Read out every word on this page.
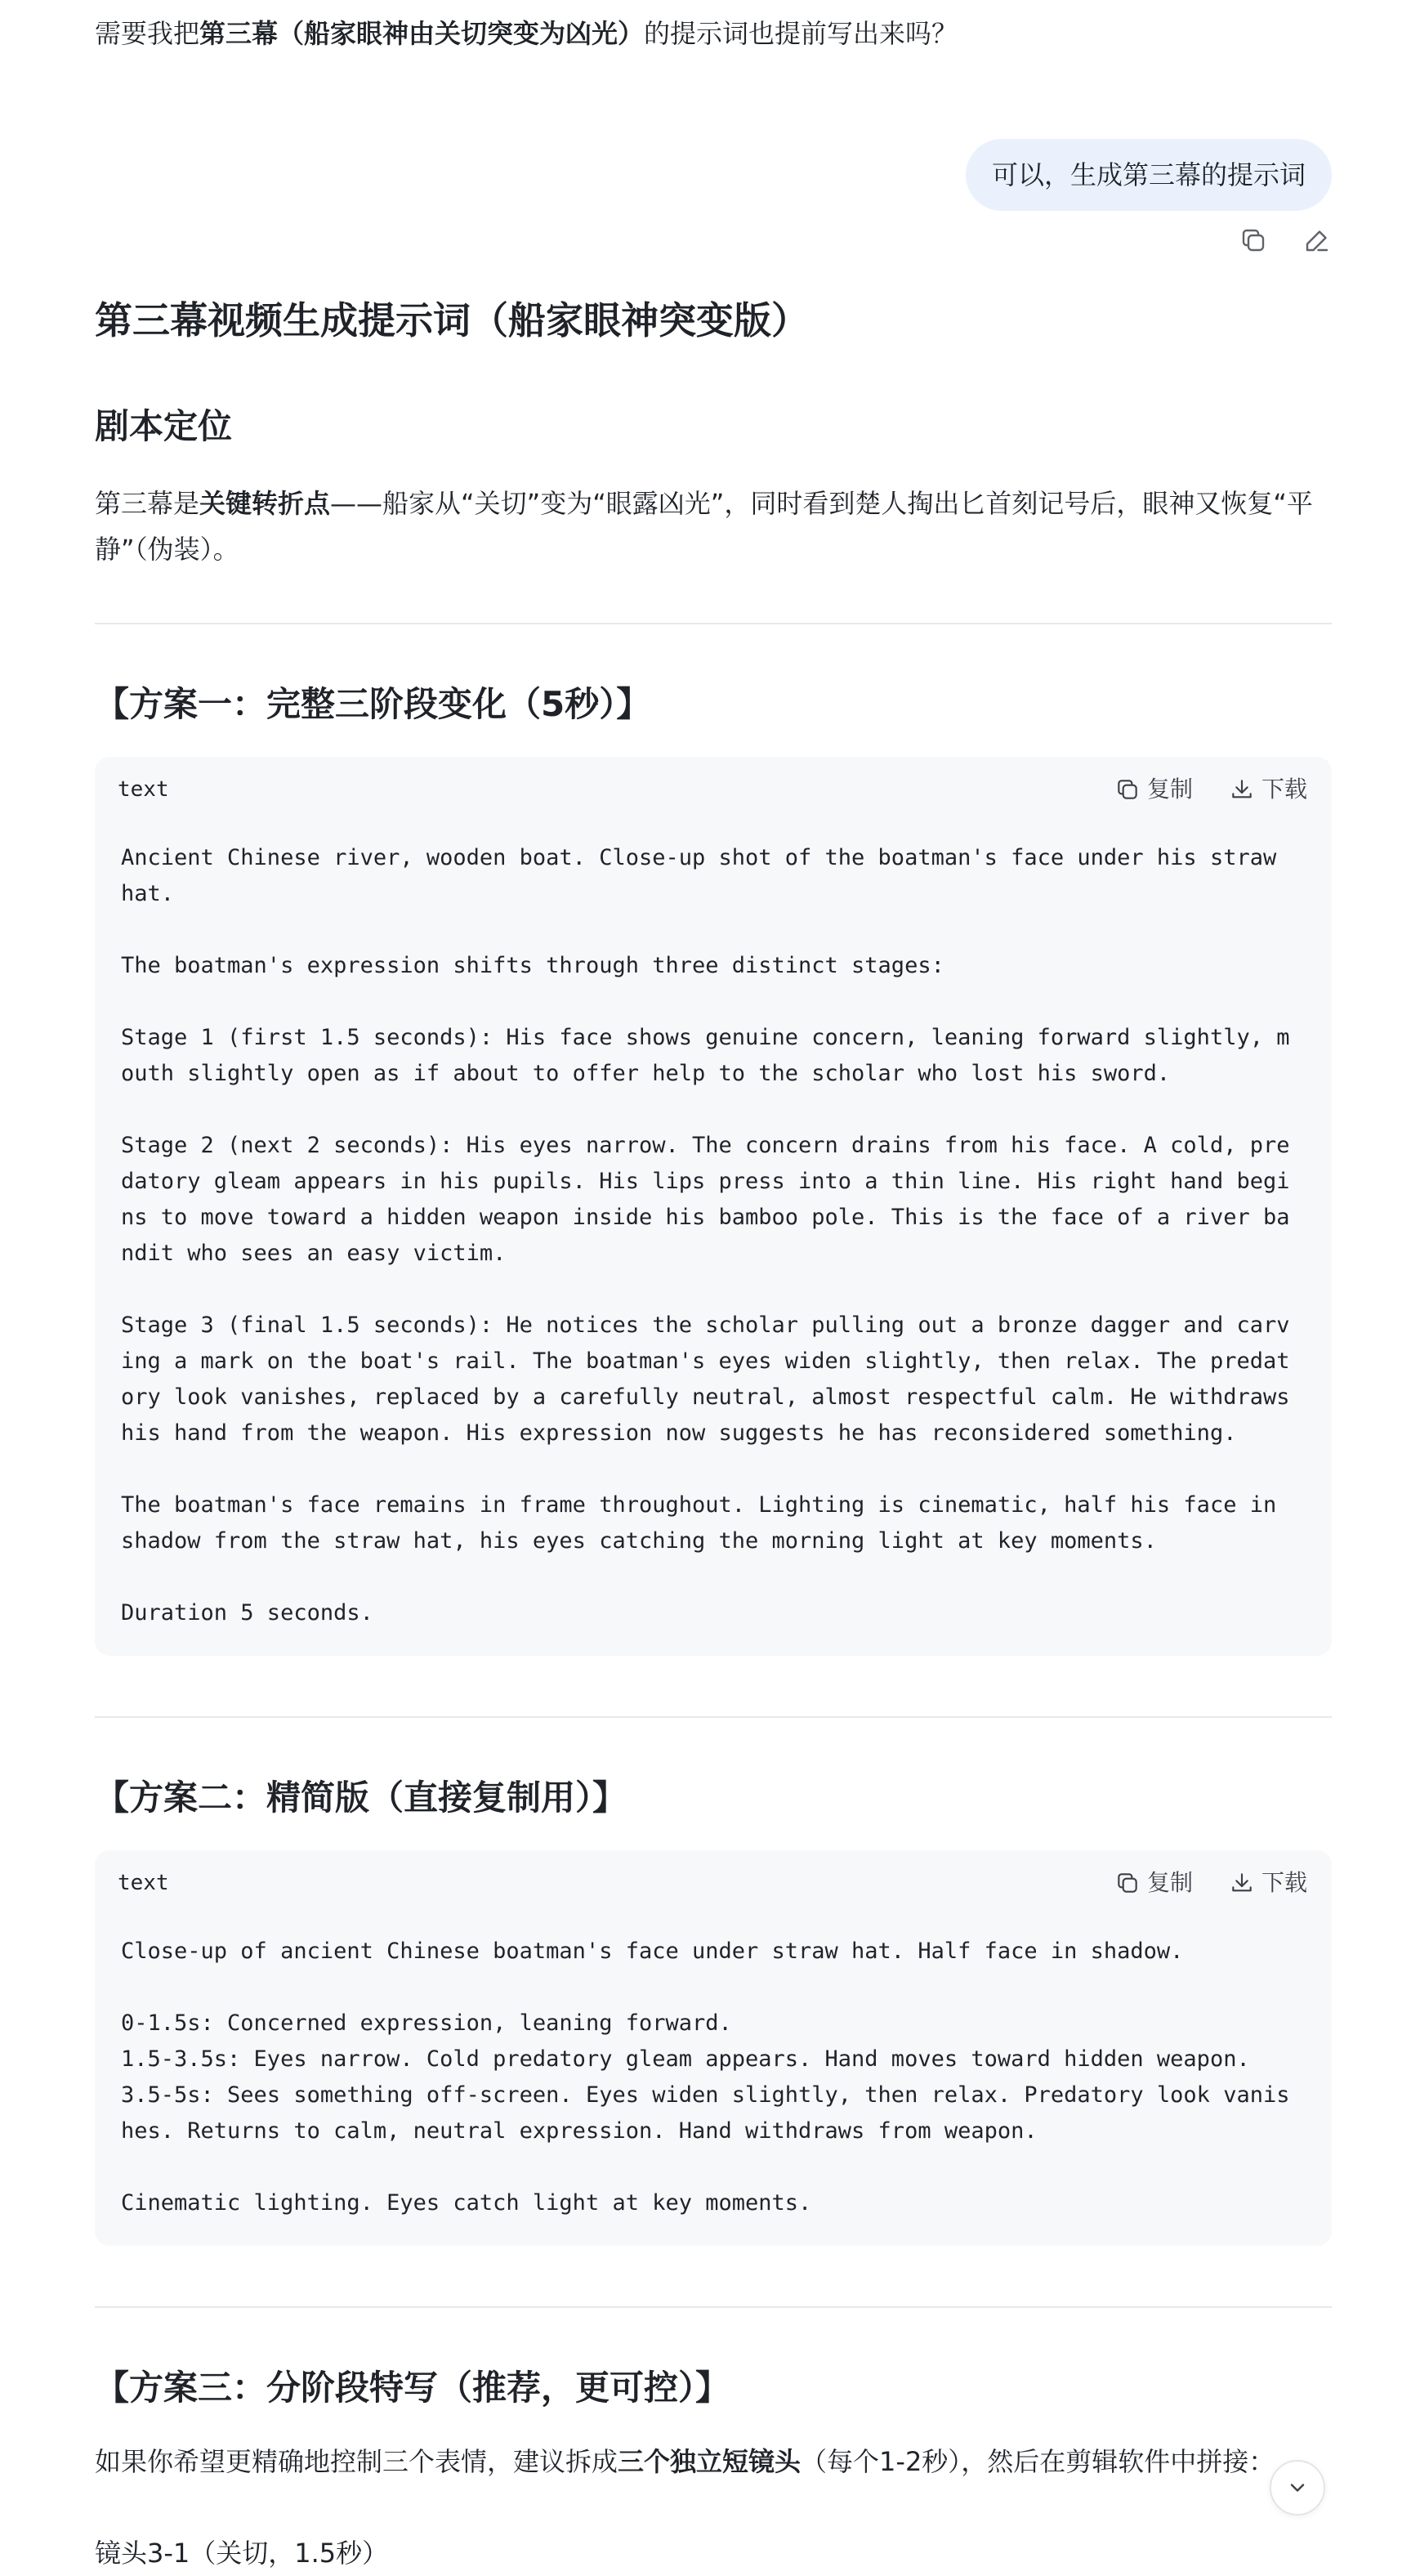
需要我把第三幕（船家眼神由关切突变为凶光）的提示词也提前写出来吗？
可以，生成第三幕的提示词
第三幕视频生成提示词（船家眼神突变版）
剧本定位
第三幕是关键转折点——船家从“关切”变为“眼露凶光”，同时看到楚人掏出匕首刻记号后，眼神又恢复“平静”（伪装）。
【方案一：完整三阶段变化（5秒）】
text	复制	下载
Ancient Chinese river, wooden boat. Close-up shot of the boatman's face under his straw hat.

The boatman's expression shifts through three distinct stages:

Stage 1 (first 1.5 seconds): His face shows genuine concern, leaning forward slightly, mouth slightly open as if about to offer help to the scholar who lost his sword.

Stage 2 (next 2 seconds): His eyes narrow. The concern drains from his face. A cold, predatory gleam appears in his pupils. His lips press into a thin line. His right hand begins to move toward a hidden weapon inside his bamboo pole. This is the face of a river bandit who sees an easy victim.

Stage 3 (final 1.5 seconds): He notices the scholar pulling out a bronze dagger and carving a mark on the boat's rail. The boatman's eyes widen slightly, then relax. The predatory look vanishes, replaced by a carefully neutral, almost respectful calm. He withdraws his hand from the weapon. His expression now suggests he has reconsidered something.

The boatman's face remains in frame throughout. Lighting is cinematic, half his face in shadow from the straw hat, his eyes catching the morning light at key moments.

Duration 5 seconds.
【方案二：精简版（直接复制用）】
text	复制	下载
Close-up of ancient Chinese boatman's face under straw hat. Half face in shadow.

0-1.5s: Concerned expression, leaning forward.
1.5-3.5s: Eyes narrow. Cold predatory gleam appears. Hand moves toward hidden weapon.
3.5-5s: Sees something off-screen. Eyes widen slightly, then relax. Predatory look vanishes. Returns to calm, neutral expression. Hand withdraws from weapon.

Cinematic lighting. Eyes catch light at key moments.
【方案三：分阶段特写（推荐，更可控）】
如果你希望更精确地控制三个表情，建议拆成三个独立短镜头（每个1-2秒），然后在剪辑软件中拼接：
镜头3-1（关切，1.5秒）
